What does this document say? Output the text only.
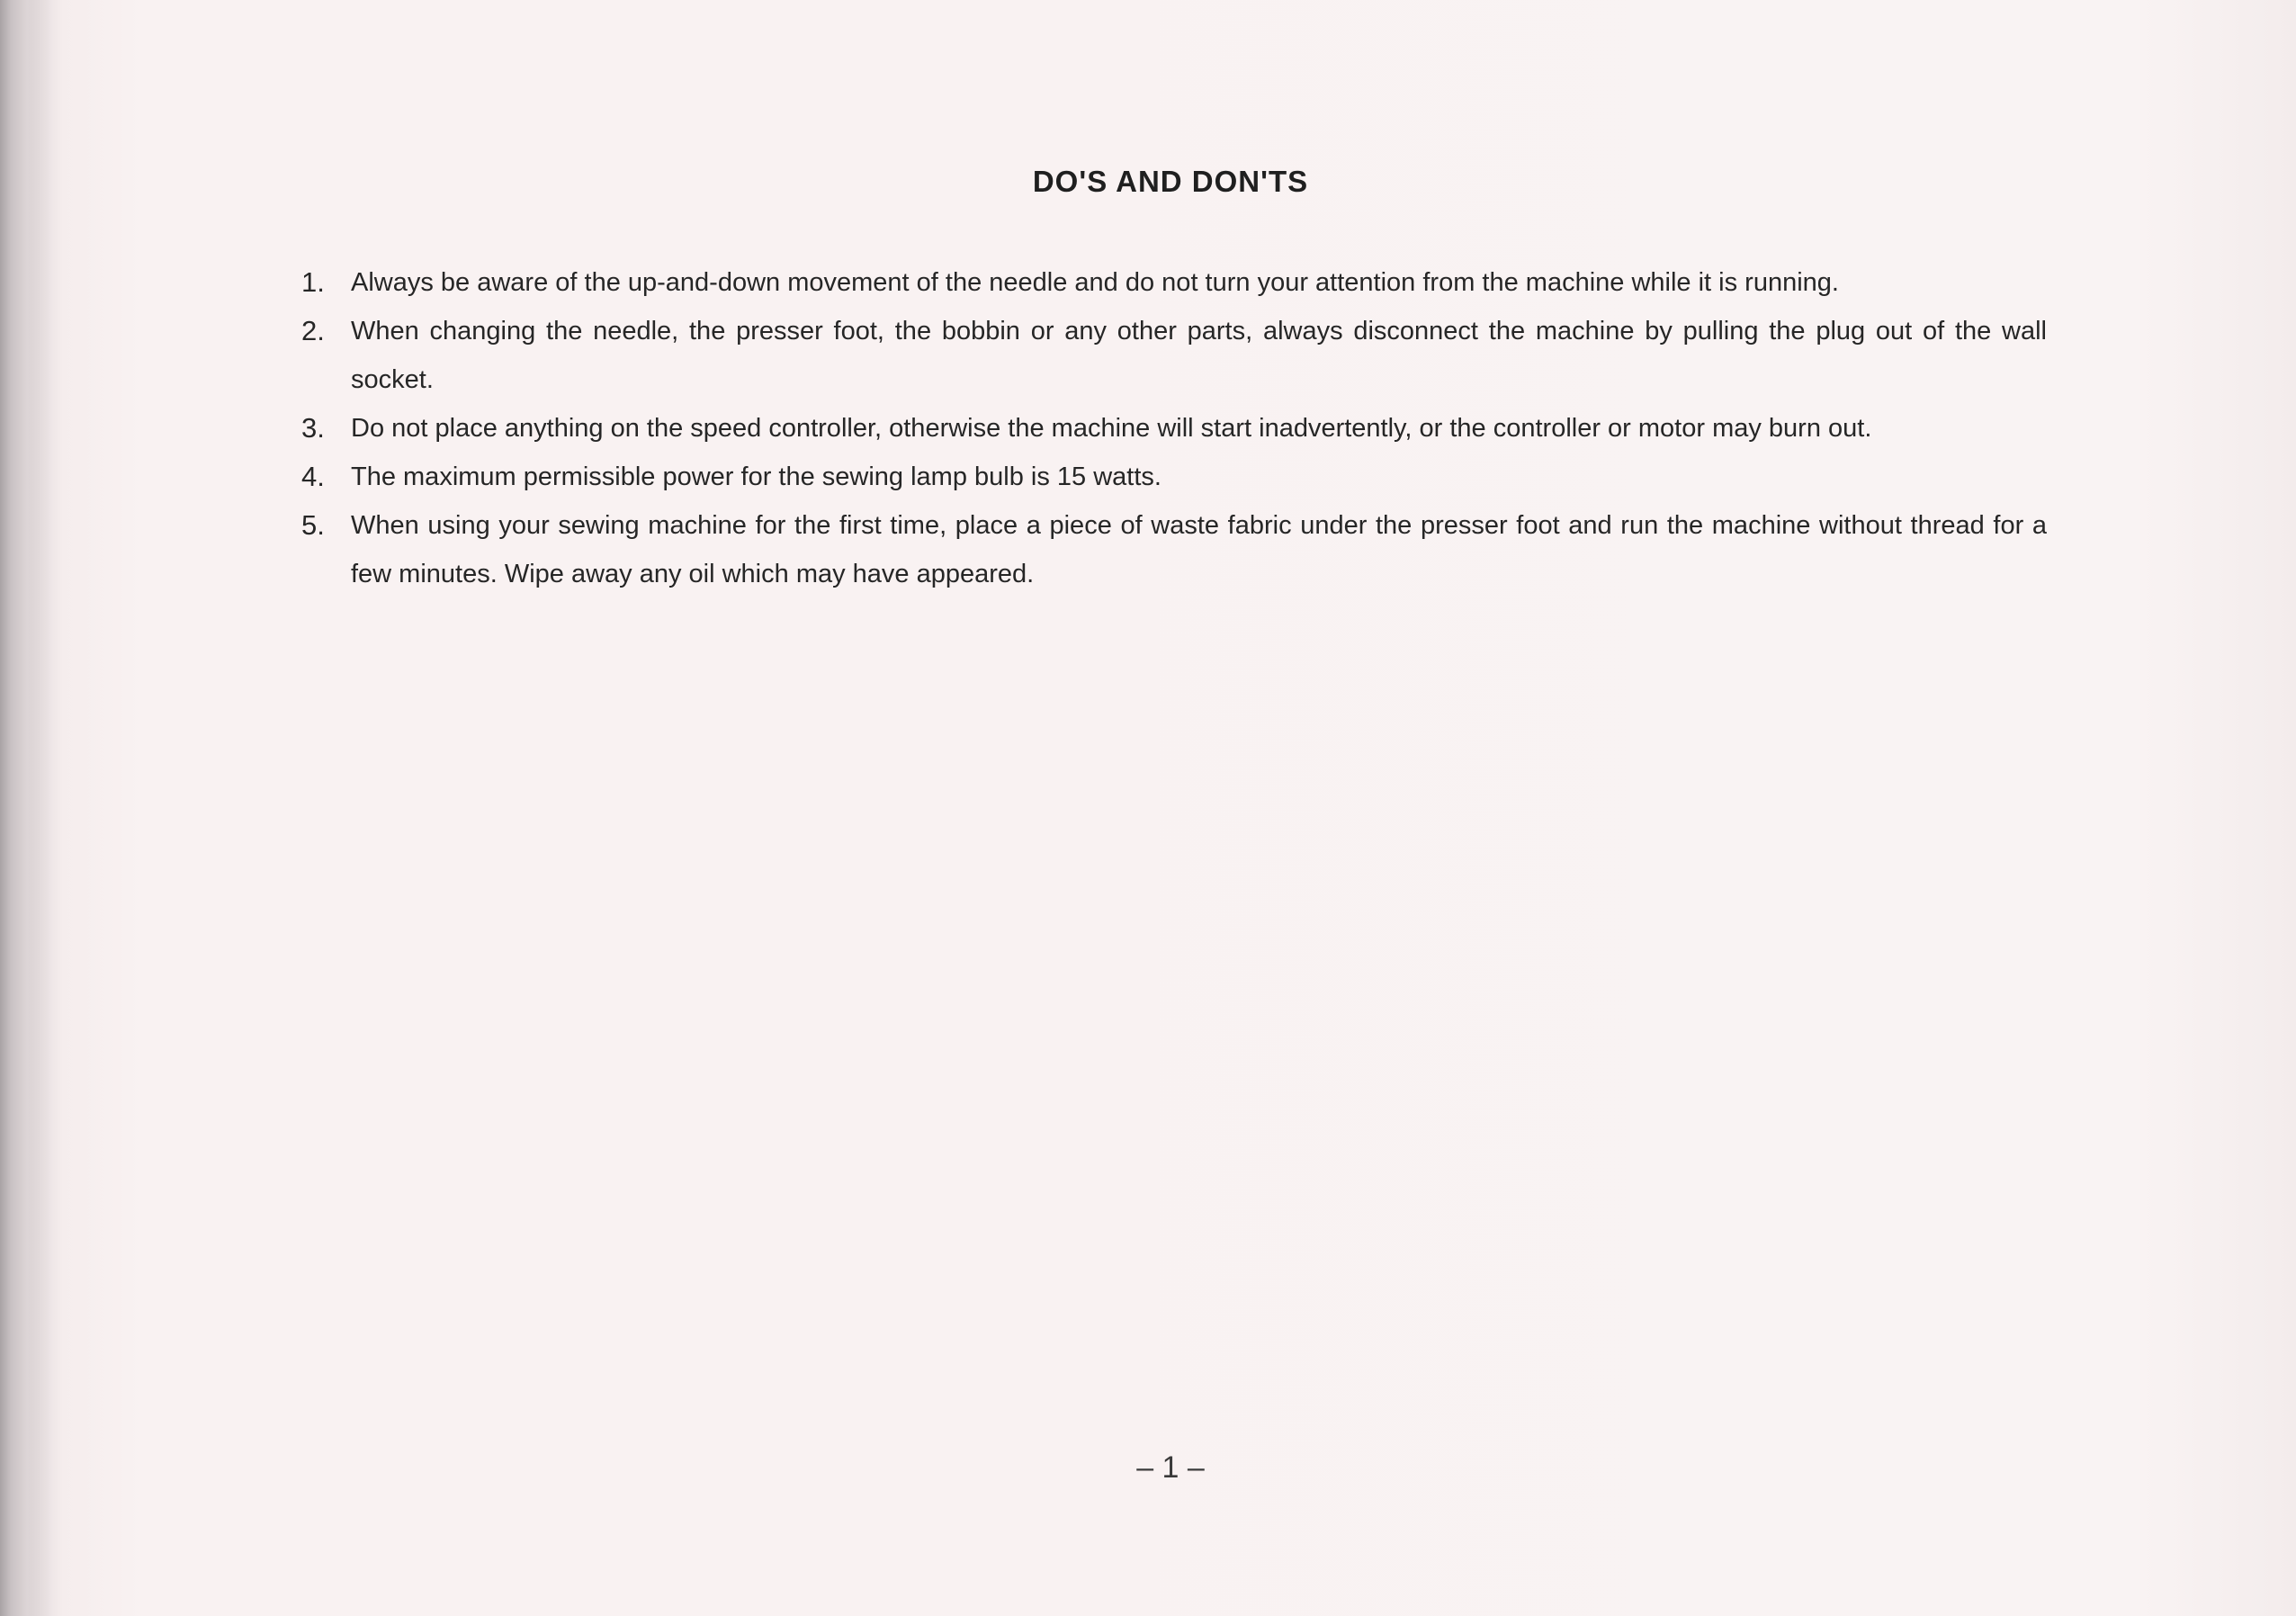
DO'S AND DON'TS
1.	Always be aware of the up-and-down movement of the needle and do not turn your attention from the machine while it is running.
2.	When changing the needle, the presser foot, the bobbin or any other parts, always disconnect the machine by pulling the plug out of the wall socket.
3.	Do not place anything on the speed controller, otherwise the machine will start inadvertently, or the controller or motor may burn out.
4.	The maximum permissible power for the sewing lamp bulb is 15 watts.
5.	When using your sewing machine for the first time, place a piece of waste fabric under the presser foot and run the machine without thread for a few minutes. Wipe away any oil which may have appeared.
– 1 –
